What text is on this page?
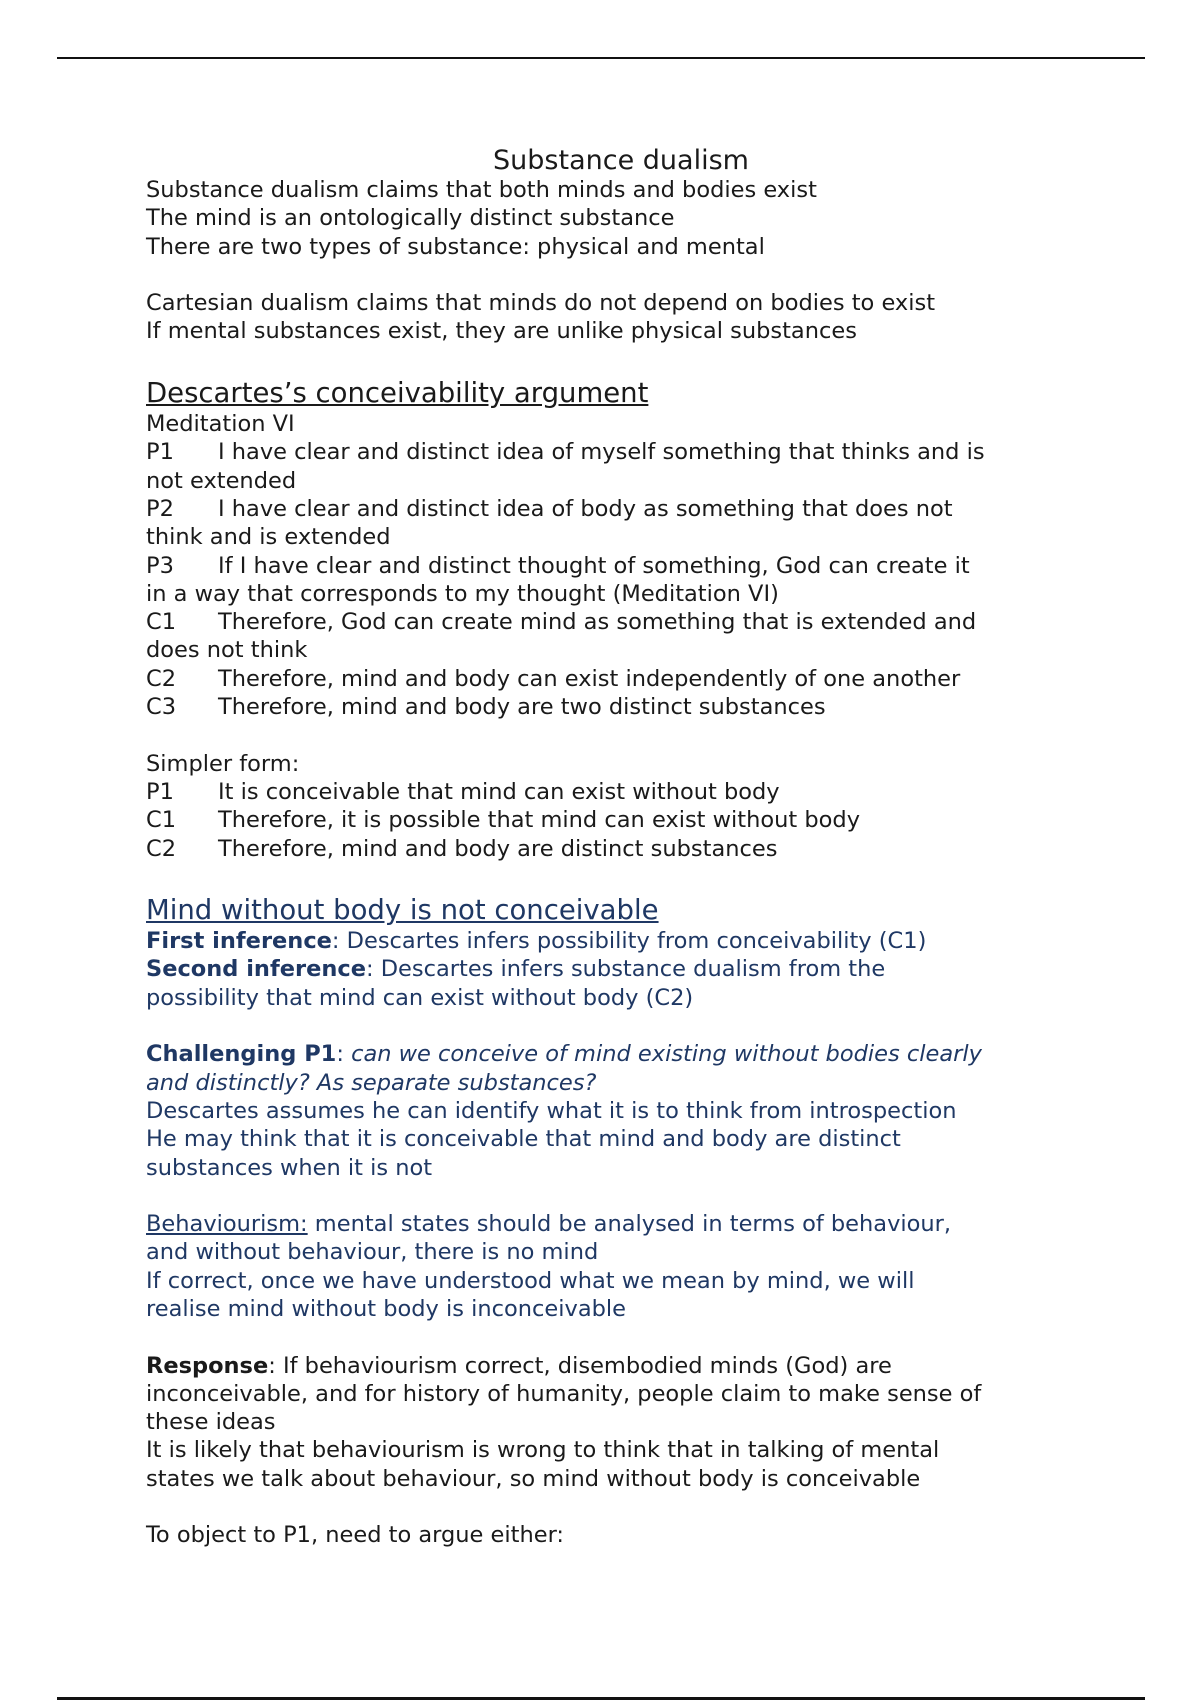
Substance dualism
Substance dualism claims that both minds and bodies exist
The mind is an ontologically distinct substance
There are two types of substance: physical and mental
Cartesian dualism claims that minds do not depend on bodies to exist
If mental substances exist, they are unlike physical substances
Descartes’s conceivability argument
Meditation VI
P1	I have clear and distinct idea of myself something that thinks and is
not extended
P2	I have clear and distinct idea of body as something that does not
think and is extended
P3	If I have clear and distinct thought of something, God can create it
in a way that corresponds to my thought (Meditation VI)
C1	Therefore, God can create mind as something that is extended and
does not think
C2	Therefore, mind and body can exist independently of one another
C3	Therefore, mind and body are two distinct substances
Simpler form:
P1	It is conceivable that mind can exist without body
C1	Therefore, it is possible that mind can exist without body
C2	Therefore, mind and body are distinct substances
Mind without body is not conceivable
First inference: Descartes infers possibility from conceivability (C1)
Second inference: Descartes infers substance dualism from the
possibility that mind can exist without body (C2)
Challenging P1: can we conceive of mind existing without bodies clearly
and distinctly? As separate substances?
Descartes assumes he can identify what it is to think from introspection
He may think that it is conceivable that mind and body are distinct
substances when it is not
Behaviourism: mental states should be analysed in terms of behaviour,
and without behaviour, there is no mind
If correct, once we have understood what we mean by mind, we will
realise mind without body is inconceivable
Response: If behaviourism correct, disembodied minds (God) are
inconceivable, and for history of humanity, people claim to make sense of
these ideas
It is likely that behaviourism is wrong to think that in talking of mental
states we talk about behaviour, so mind without body is conceivable
To object to P1, need to argue either:
